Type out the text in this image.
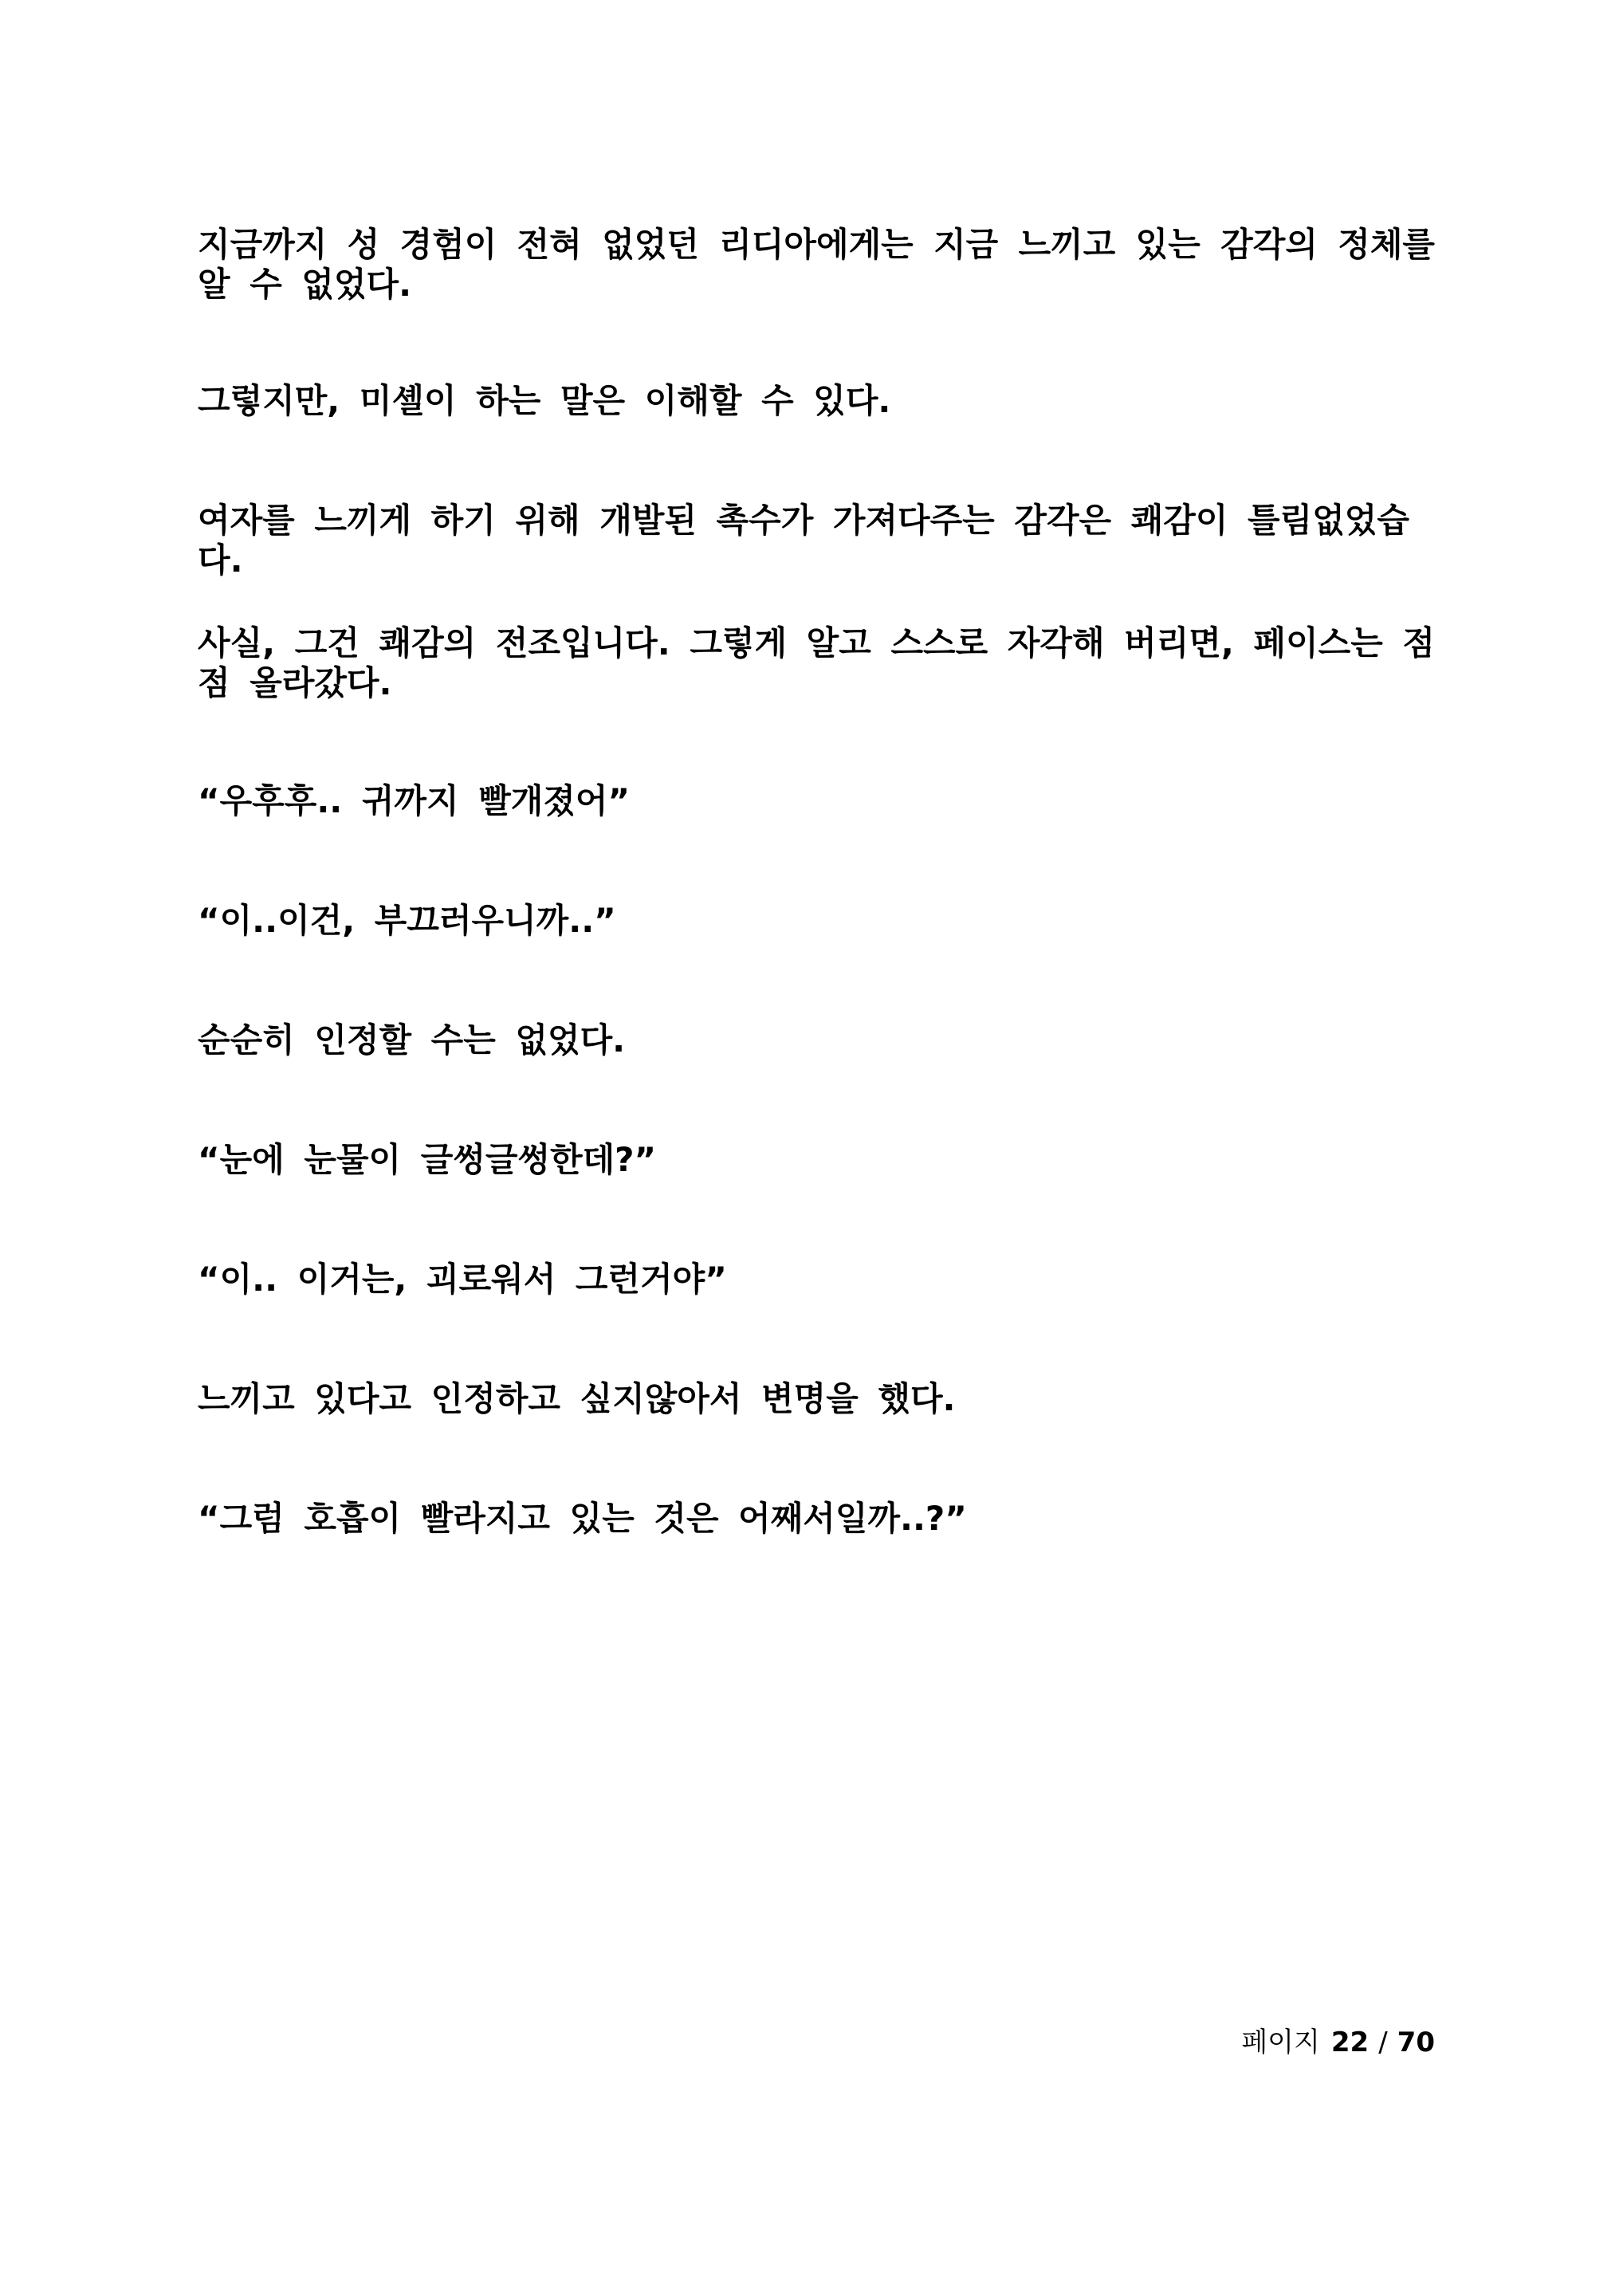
지금까지 성 경험이 전혀 없었던 리디아에게는 지금 느끼고 있는 감각의 정체를 알 수 없었다.

그렇지만, 미셸이 하는 말은 이해할 수 있다.

여자를 느끼게 하기 위해 개발된 촉수가 가져다주는 감각은 쾌감이 틀림없었습다.

사실, 그건 쾌감의 전조입니다. 그렇게 알고 스스로 자각해 버리면, 페이스는 점점 올라갔다.

“우후후.. 귀까지 빨개졌어”

“이..이건, 부끄러우니까..”

순순히 인정할 수는 없었다.

“눈에 눈물이 글썽글썽한데?”

“이.. 이거는, 괴로워서 그런거야”

느끼고 있다고 인정하고 싶지않아서 변명을 했다.

“그럼 호흡이 빨라지고 있는 것은 어째서일까..?”

페이지 22 / 70
